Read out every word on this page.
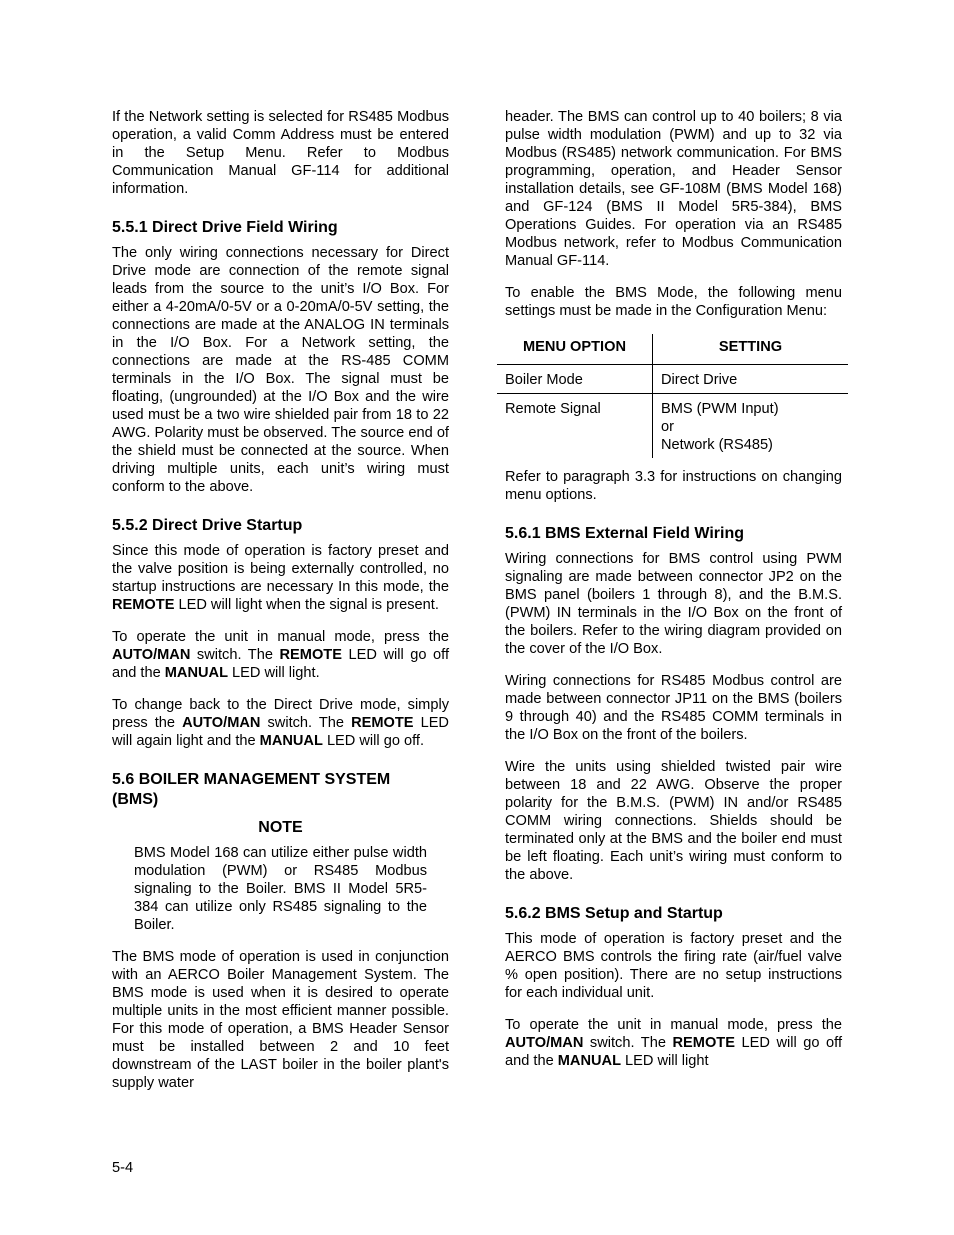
If the Network setting is selected for RS485 Modbus operation, a valid Comm Address must be entered in the Setup Menu. Refer to Modbus Communication Manual GF-114 for additional information.

5.5.1 Direct Drive Field Wiring

The only wiring connections necessary for Direct Drive mode are connection of the remote signal leads from the source to the unit’s I/O Box. For either a 4-20mA/0-5V or a 0-20mA/0-5V setting, the connections are made at the ANALOG IN terminals in the I/O Box. For a Network setting, the connections are made at the RS-485 COMM terminals in the I/O Box. The signal must be floating, (ungrounded) at the I/O Box and the wire used must be a two wire shielded pair from 18 to 22 AWG. Polarity must be observed. The source end of the shield must be connected at the source. When driving multiple units, each unit’s wiring must conform to the above.

5.5.2 Direct Drive Startup

Since this mode of operation is factory preset and the valve position is being externally controlled, no startup instructions are necessary In this mode, the REMOTE LED will light when the signal is present.

To operate the unit in manual mode, press the AUTO/MAN switch. The REMOTE LED will go off and the MANUAL LED will light.

To change back to the Direct Drive mode, simply press the AUTO/MAN switch. The REMOTE LED will again light and the MANUAL LED will go off.

5.6 BOILER MANAGEMENT SYSTEM (BMS)
NOTE

BMS Model 168 can utilize either pulse width modulation (PWM) or RS485 Modbus signaling to the Boiler. BMS II Model 5R5-384 can utilize only RS485 signaling to the Boiler.

The BMS mode of operation is used in conjunction with an AERCO Boiler Management System. The BMS mode is used when it is desired to operate multiple units in the most efficient manner possible. For this mode of operation, a BMS Header Sensor must be installed between 2 and 10 feet downstream of the LAST boiler in the boiler plant's supply water

header. The BMS can control up to 40 boilers; 8 via pulse width modulation (PWM) and up to 32 via Modbus (RS485) network communication. For BMS programming, operation, and Header Sensor installation details, see GF-108M (BMS Model 168) and GF-124 (BMS II Model 5R5-384), BMS Operations Guides. For operation via an RS485 Modbus network, refer to Modbus Communication Manual GF-114.

To enable the BMS Mode, the following menu settings must be made in the Configuration Menu:

MENU OPTION	SETTING
Boiler Mode	Direct Drive
Remote Signal	BMS (PWM Input)
or
Network (RS485)

Refer to paragraph 3.3 for instructions on changing menu options.

5.6.1 BMS External Field Wiring

Wiring connections for BMS control using PWM signaling are made between connector JP2 on the BMS panel (boilers 1 through 8), and the B.M.S. (PWM) IN terminals in the I/O Box on the front of the boilers. Refer to the wiring diagram provided on the cover of the I/O Box.

Wiring connections for RS485 Modbus control are made between connector JP11 on the BMS (boilers 9 through 40) and the RS485 COMM terminals in the I/O Box on the front of the boilers.

Wire the units using shielded twisted pair wire between 18 and 22 AWG. Observe the proper polarity for the B.M.S. (PWM) IN and/or RS485 COMM wiring connections. Shields should be terminated only at the BMS and the boiler end must be left floating. Each unit’s wiring must conform to the above.

5.6.2 BMS Setup and Startup

This mode of operation is factory preset and the AERCO BMS controls the firing rate (air/fuel valve % open position). There are no setup instructions for each individual unit.

To operate the unit in manual mode, press the AUTO/MAN switch. The REMOTE LED will go off and the MANUAL LED will light

5-4
